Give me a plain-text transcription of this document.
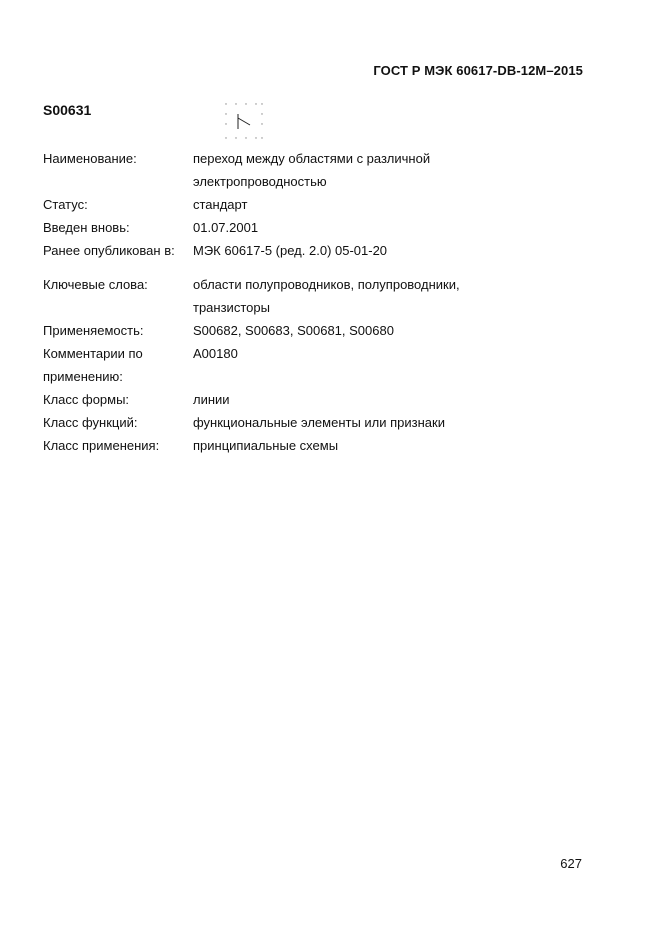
ГОСТ Р МЭК 60617-DB-12M–2015
S00631
Наименование:	переход между областями с различной
электропроводностью
Статус:	стандарт
Введен вновь:	01.07.2001
Ранее опубликован в:	МЭК 60617-5 (ред. 2.0) 05-01-20
Ключевые слова:	области полупроводников, полупроводники,
транзисторы
Применяемость:	S00682, S00683, S00681, S00680
Комментарии по
применению:
A00180
Класс формы:	линии
Класс функций:	функциональные элементы или признаки
Класс применения:	принципиальные схемы
627
